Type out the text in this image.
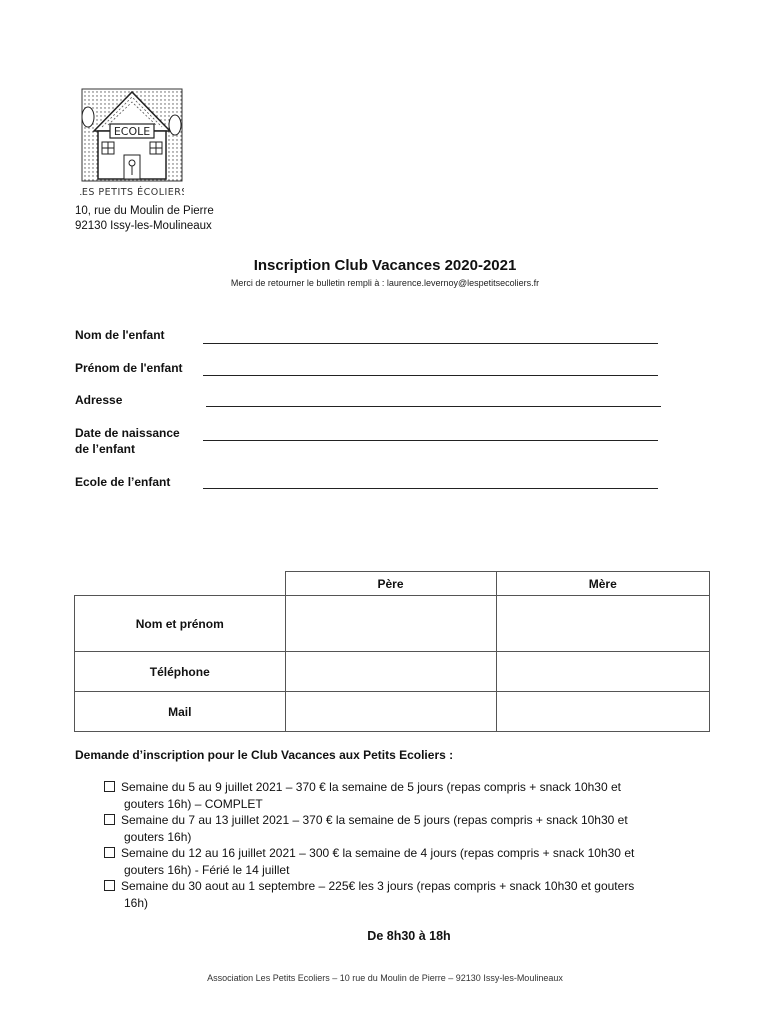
ECOLE
LES PETITS ÉCOLIERS
10, rue du Moulin de Pierre
92130 Issy-les-Moulineaux
Inscription Club Vacances 2020-2021
Merci de retourner le bulletin rempli à : laurence.levernoy@lespetitsecoliers.fr
Nom de l'enfant
Prénom de l'enfant
Adresse
Date de naissance
de l’enfant
Ecole de l’enfant
	Père	Mère
Nom et prénom		
Téléphone		
Mail		
Demande d’inscription pour le Club Vacances aux Petits Ecoliers :
Semaine du 5 au 9 juillet 2021 – 370 € la semaine de 5 jours (repas compris + snack 10h30 et
gouters 16h) – COMPLET
Semaine du 7 au 13 juillet 2021 – 370 € la semaine de 5 jours (repas compris + snack 10h30 et
gouters 16h)
Semaine du 12 au 16 juillet 2021 – 300 € la semaine de 4 jours (repas compris + snack 10h30 et
gouters 16h) - Férié le 14 juillet
Semaine du 30 aout au 1 septembre – 225€ les 3 jours (repas compris + snack 10h30 et gouters
16h)
De 8h30 à 18h
Association Les Petits Ecoliers – 10 rue du Moulin de Pierre – 92130 Issy-les-Moulineaux
